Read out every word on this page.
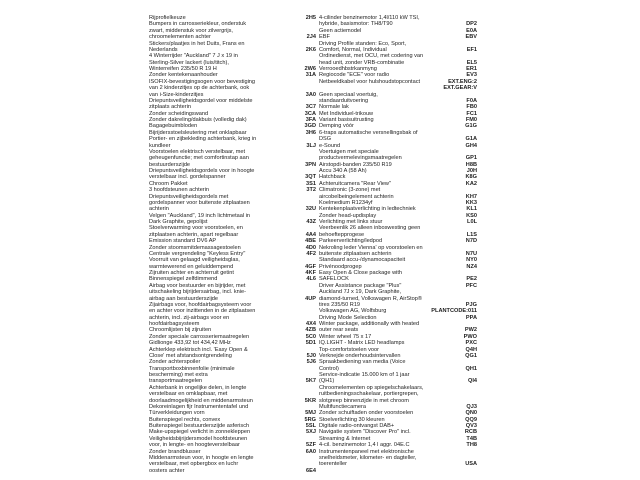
Rijprofielkeuze	2H5
Bumpers in carrosseriekleur, onderstuk
zwart, middenstuk voor zilvergrijs,
chroomelementen achter	2J4
Stickers/plaatjes in het Duits, Frans en
Nederlands	2K6
4 Winterrijder "Auckland" 7 J x 19 in
Sterling-Silver lackert (luis/titch),
Winterreifen 235/50 R 19 H	2W6
Zonder kentekenaanhouder	31A
ISOFIX-bevestigingsogen voor bevestiging
van 2 kinderzitjes op de achterbank, ook
van i-Size-kinderzitjes	3A0
Driepuntsveiligheidsgordel voor middelste
zitplaats achterin	3C7
Zonder scheidingswand	3CA
Zonder dakreling/dakbuis (volledig dak)	3FA
Bagagebuimbloden	3GD
Bijrijdersstoelsleutering met onklapbaar	3H6
Portier- en zijbekleding achterbank, krieg in
kundleer	3LJ
Voorstoelen elektrisch verstelbaar, met
geheugenfunctie; met comfortinstap aan
bestuurderszijde	3PN
Driepuntsveiligheidsgordels voor in hoogte
verstelbaar incl. gordelspanner	3QT
Chroom Pakket	3S1
3 hoofdsteunen achterin	3T2
Driepuntsveiligheidsgordels met
gordelspanner voor buitenste zitplaatsen
achterin	32U
Velgen "Auckland", 19 inch lichtmetaal in
Dark Graphite, gepolijst	43Z
Stoelverwarming voor voorstoelen, en
zitplaatsen achterin, apart regelbaar	4A4
Emission standard DV6 AP	4BE
Zonder stoomsmitdemassagestoelen	4D0
Centrale vergrendeling "Keyless Entry"	4F2
Voorruit van gelaagd veiligheidsglas,
warmtewerend en geluiddempend	4GF
Zijruiten achter en achterruit getint	4KF
Binnenspiegel zelfdimmend	4L6
Airbag voor bestuurder en bijrijder, met
uitschakeling bijrijdersairbag, incl. knie-
airbag aan bestuurderszijde	4UP
Zijairbags voor, hoofdairbagsysteem voor
en achter voor inzittenden in de zitplaatsen
achterin, incl. zij-airbags voor en
hoofdairbagsysteem	4X4
Chroomlijsten bij zijruiten	4ZB
Zonder speciale carrosseriemaatregelen	5C0
Gidlionge 433,92 tot 434,42 MHz	5D1
Achterklep elektrisch incl. 'Easy Open &
Close' met afstandsontgrendeling	5J0
Zonder achterspoiler	5J6
Transportboxbinnenfolie (minimale
bescherming) met extra
transportmaatregelen	5K7
Achterbank in ongelijke delen, in lengte
verstelbaar en omklapbaar, met
doorlaadmogelijkheid en middenarmsteun	5KR
Dekoreinlagen fijr Instrumententafel und
Türverkleidungen vorn	5MJ
Buitenspiegel rechts, convex	5RG
Buitenspiegel bestuurderszijde asferisch	5SL
Make-upspiegel verlicht in zonnekleppen	5XJ
Veiligheidsbijrijdersmodel hoofdsteunen
voor, in lengte- en hoogteverstelbaar	5ZF
Zonder brandblusser	6A0
Middenarmsteun voor, in hoogte en lengte
verstelbaar, met opbergbox en luchr
oosters achter	6E4
4-cilinder benzinemotor 1,4l/110 kW TSI,
hybride, basismotor: TH8/T90	DP2
Geen actiemodel	E0A
EBF	EBV
Driving Profile standen: Eco, Sport,
Comfort, Normal, Individual	EF1
Ordinedienst, met OCU, met codering van
head unit, zonder VRB-combinatie	EL5
Verrooedhbstrkanmyng	ER1
Regiocode "ECE" voor radio	EV3
Netbeeldkabel voor hulshoudstopcontact	EXT.ENG:2
EXT.GEAR:V
Geen speciaal voertuig,
standaarduitvoering	F0A
Normale lak	FB0
Met Individuel-trikouw	FC1
Variant basisuitrusting	FM0
Demping vóór	G1G
6-traps automatische versnellingsbak of
DSG	G1A
e-Sound	GH4
Voertuigen met speciale
productvermelevingsmaatregelen	GP1
Airstopdi-banden 235/50 R19	H8B
Accu 340 A (58 Ah)	J0H
Hatchback	K8G
Achteruitcamera "Rear View"	KA2
Climatronic (3-zone) met
aircobelbeingelement achterin	KH7
Koelmedium R1234yf	KK3
Kentekenplaatverlichting in ledtechniek	KL1
Zonder head-updisplay	KS0
Verlichting met links stuur	L0L
Veerbeenlik 26 alleen inboswesting geen
behoeftepprogese	L1S
Parkeerverlichting/ledpod	N7D
Nekroling leder Vienna' op voorstoelen en
buitenste zitplaatsen achterin	N7U
Standaard accu-/dynamocapaciteit	NY0
Privénoodprogep	NZ4
Easy Open & Close package with
SAFELOCK	PE2
Driver Assistance package "Plus"	PFC
Auckland 7J x 19, Dark Graphite,
diamond-turned, Volkswagen R, AirStop®
tires 235/50 R19	PJG
Volkswagen AG, Wolfsburg	PLANTCODE:011
Driving Mode Selection	PPA
Winter package, additionally with heated
outer rear seats	PW2
Winter wheel 75 x 17	PWO
IQ.LIGHT - Matrix LED headlamps	PXC
Top-comfortstoelen voor	Q4H
Verknejde onderhoudsintervallen	QG1
Spraakbediening van media (Voice
Control)	QH1
Service-indicatie 15.000 km of 1 jaar
(QH1)	QI4
Chroomelementen op spiegelschakelaars,
ruitbedieningsschakelaar, portiergrepen,
slotgreep binnenzijde in met chroom
Multifunctiecamera	QJ3
Zonder schuiftaden onder voorstoelen	QN0
Stoelverlichting 30 kleuren	QQ9
Digitale radio-ontvangst DAB+	QV3
Navigatie system "Discover Pro" incl.	RCB
Streaming & Internet	T4B
4-cil. benzinemotor 1,4 l aggr. 04E.C	TH8
Instrumentenpaneel met elektronische
snelheidsmeter, kilometer- en dagteller,
toerenteller	USA
